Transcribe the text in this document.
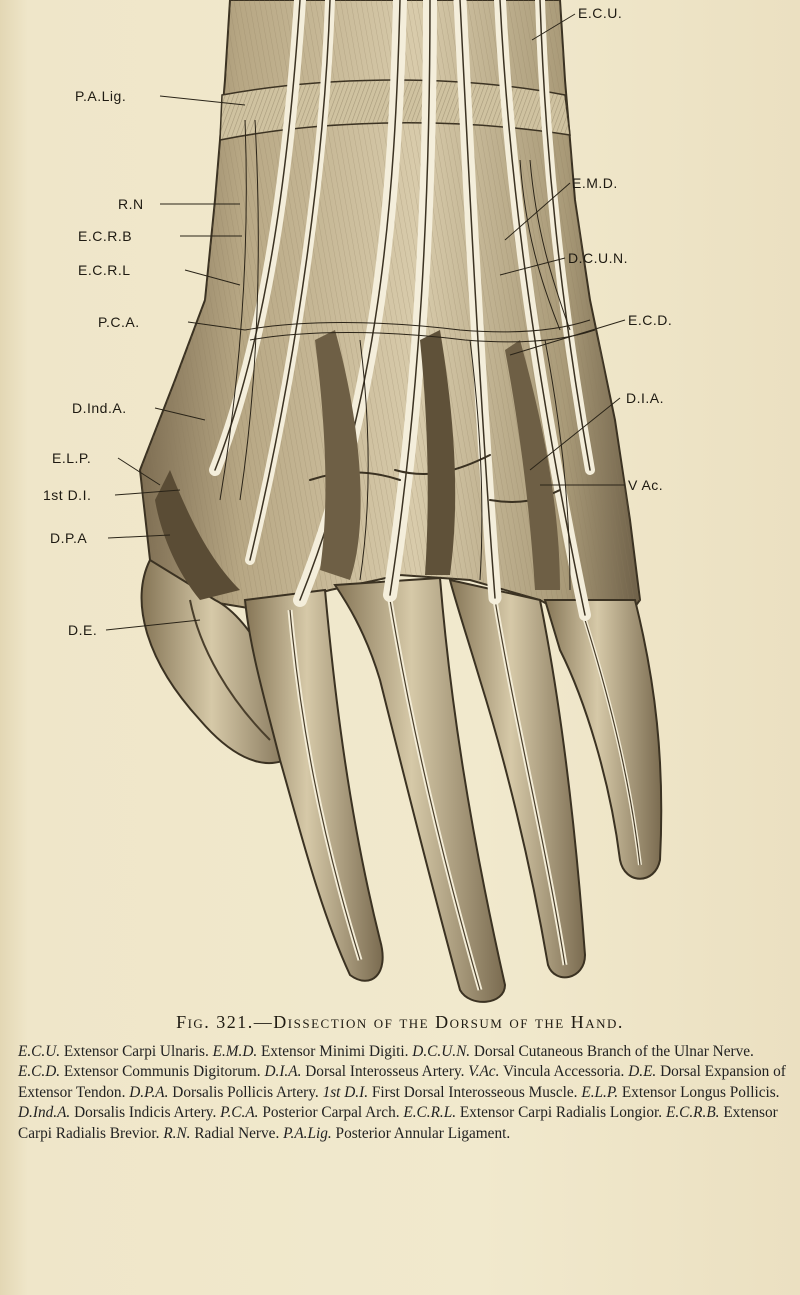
E.C.U.
P.A.Lig.
E.M.D.
R.N
E.C.R.B
D.C.U.N.
E.C.R.L
P.C.A.	E.C.D.
D.Ind.A.
D.I.A.
E.L.P.
V Ac.
1st D.I.
D.P.A
D.E.
Fig. 321.—Dissection of the Dorsum of the Hand.
E.C.U. Extensor Carpi Ulnaris. E.M.D. Extensor Minimi Digiti. D.C.U.N. Dorsal Cutaneous Branch of the Ulnar Nerve. E.C.D. Extensor Communis Digitorum. D.I.A. Dorsal Interosseus Artery. V.Ac. Vincula Accessoria. D.E. Dorsal Expansion of Extensor Tendon. D.P.A. Dorsalis Pollicis Artery. 1st D.I. First Dorsal Interosseous Muscle. E.L.P. Extensor Longus Pollicis. D.Ind.A. Dorsalis Indicis Artery. P.C.A. Posterior Carpal Arch. E.C.R.L. Extensor Carpi Radialis Longior. E.C.R.B. Extensor Carpi Radialis Brevior. R.N. Radial Nerve. P.A.Lig. Posterior Annular Ligament.
